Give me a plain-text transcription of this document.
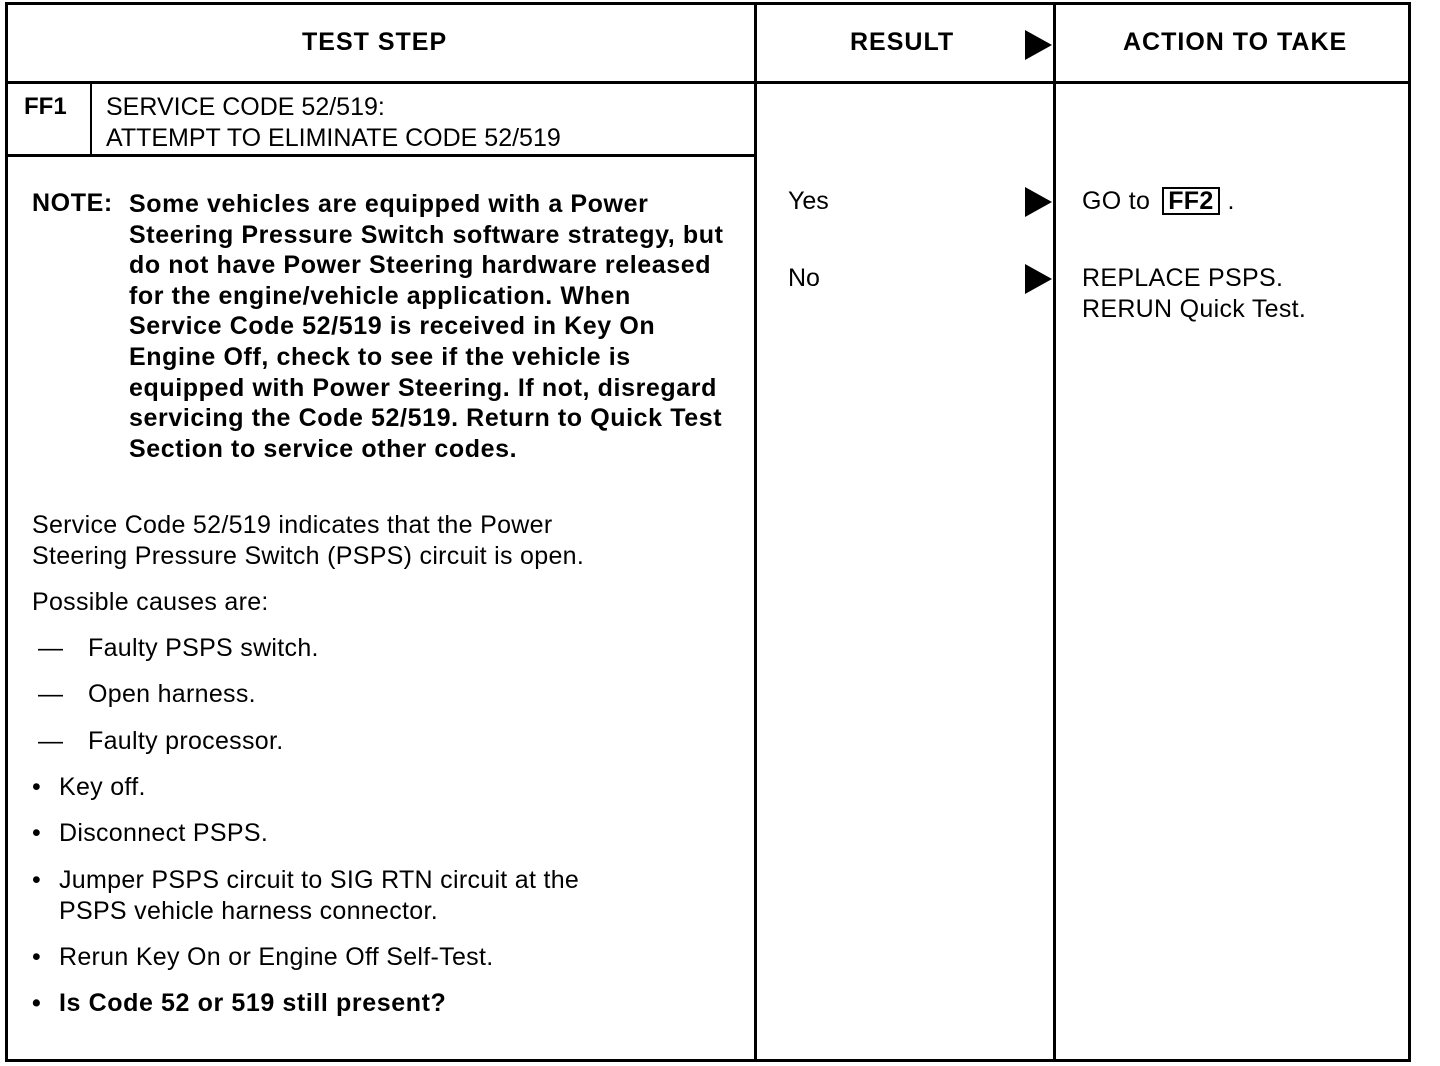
TEST STEP	RESULT	ACTION TO TAKE
FF1 SERVICE CODE 52/519:
ATTEMPT TO ELIMINATE CODE 52/519
NOTE: Some vehicles are equipped with a Power Steering Pressure Switch software strategy, but do not have Power Steering hardware released for the engine/vehicle application. When Service Code 52/519 is received in Key On Engine Off, check to see if the vehicle is equipped with Power Steering. If not, disregard servicing the Code 52/519. Return to Quick Test Section to service other codes.
Service Code 52/519 indicates that the Power
Steering Pressure Switch (PSPS) circuit is open.
Possible causes are:
— Faulty PSPS switch.
— Open harness.
— Faulty processor.
• Key off.
• Disconnect PSPS.
• Jumper PSPS circuit to SIG RTN circuit at the
PSPS vehicle harness connector.
• Rerun Key On or Engine Off Self-Test.
• Is Code 52 or 519 still present?
Yes	GO to FF2 .
No	REPLACE PSPS.
RERUN Quick Test.
